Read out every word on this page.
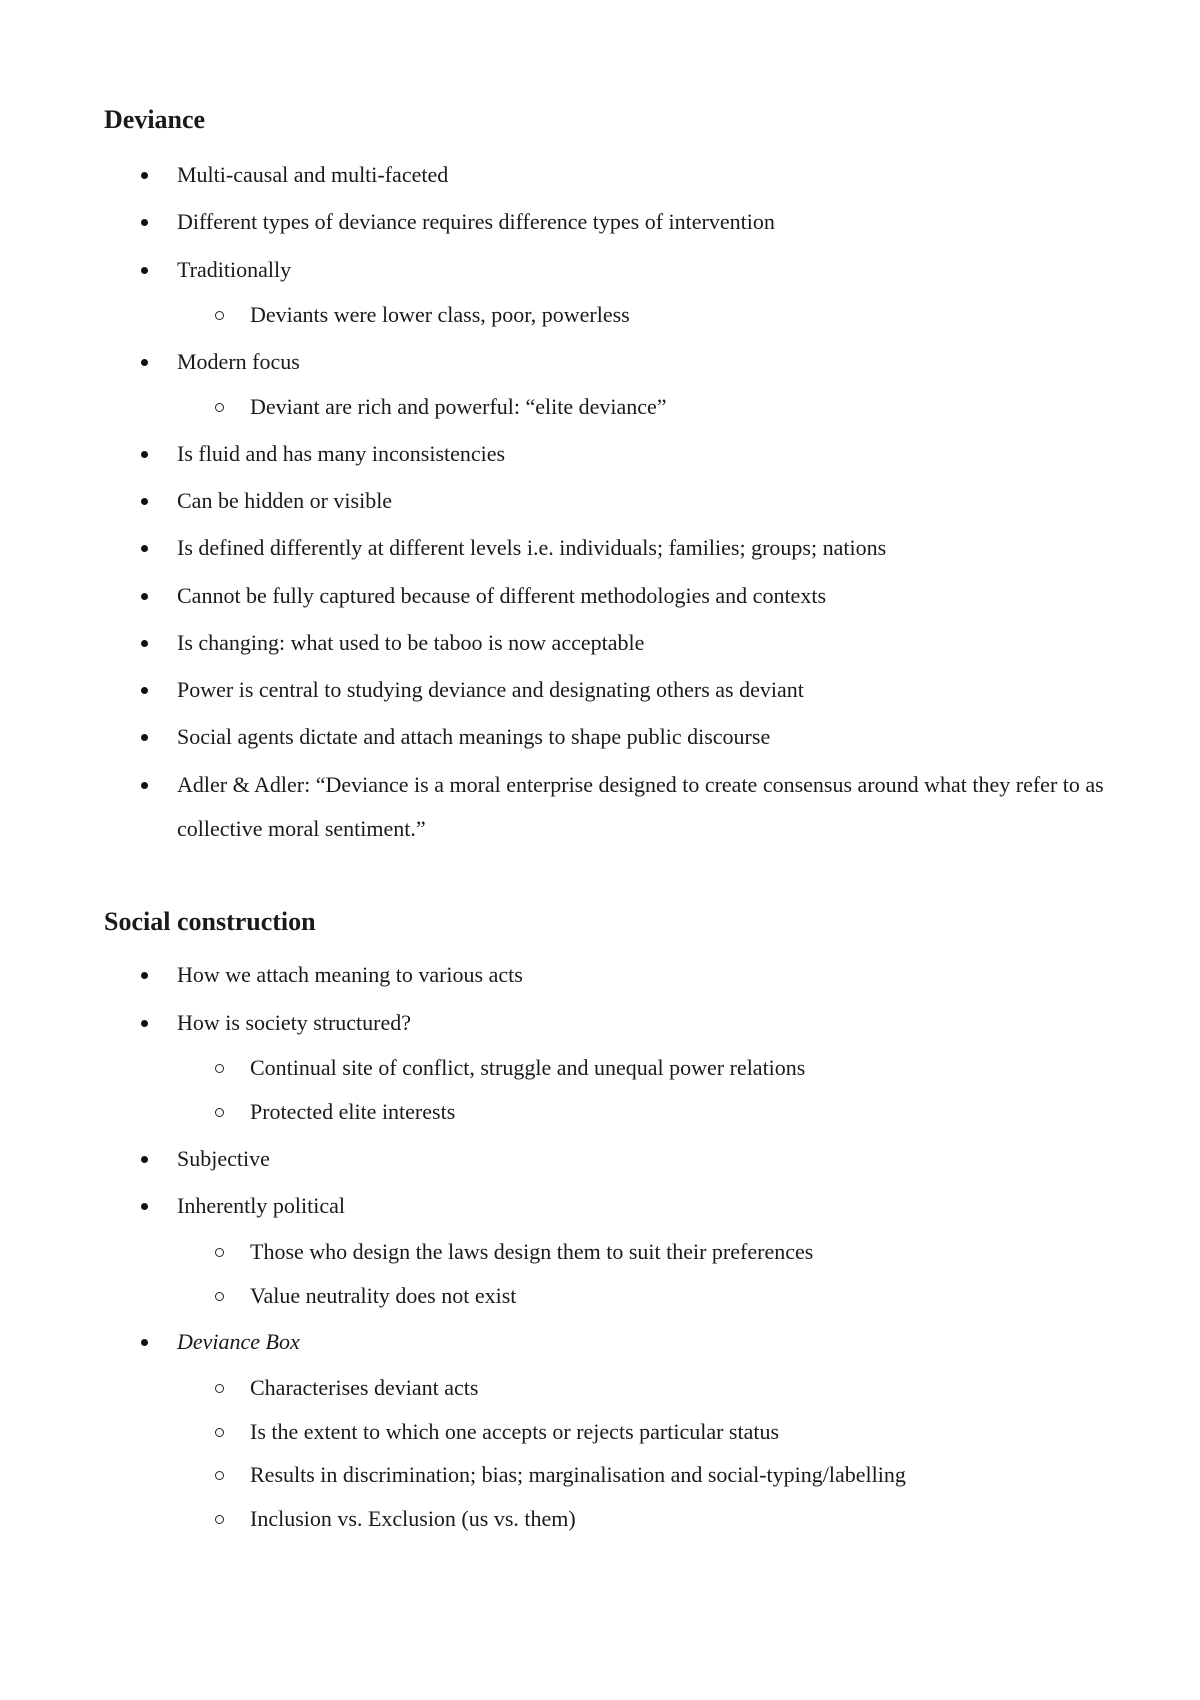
Deviance
Multi-causal and multi-faceted
Different types of deviance requires difference types of intervention
Traditionally
Deviants were lower class, poor, powerless
Modern focus
Deviant are rich and powerful: “elite deviance”
Is fluid and has many inconsistencies
Can be hidden or visible
Is defined differently at different levels i.e. individuals; families; groups; nations
Cannot be fully captured because of different methodologies and contexts
Is changing: what used to be taboo is now acceptable
Power is central to studying deviance and designating others as deviant
Social agents dictate and attach meanings to shape public discourse
Adler & Adler: “Deviance is a moral enterprise designed to create consensus around what they refer to as collective moral sentiment.”
Social construction
How we attach meaning to various acts
How is society structured?
Continual site of conflict, struggle and unequal power relations
Protected elite interests
Subjective
Inherently political
Those who design the laws design them to suit their preferences
Value neutrality does not exist
Deviance Box
Characterises deviant acts
Is the extent to which one accepts or rejects particular status
Results in discrimination; bias; marginalisation and social-typing/labelling
Inclusion vs. Exclusion (us vs. them)
